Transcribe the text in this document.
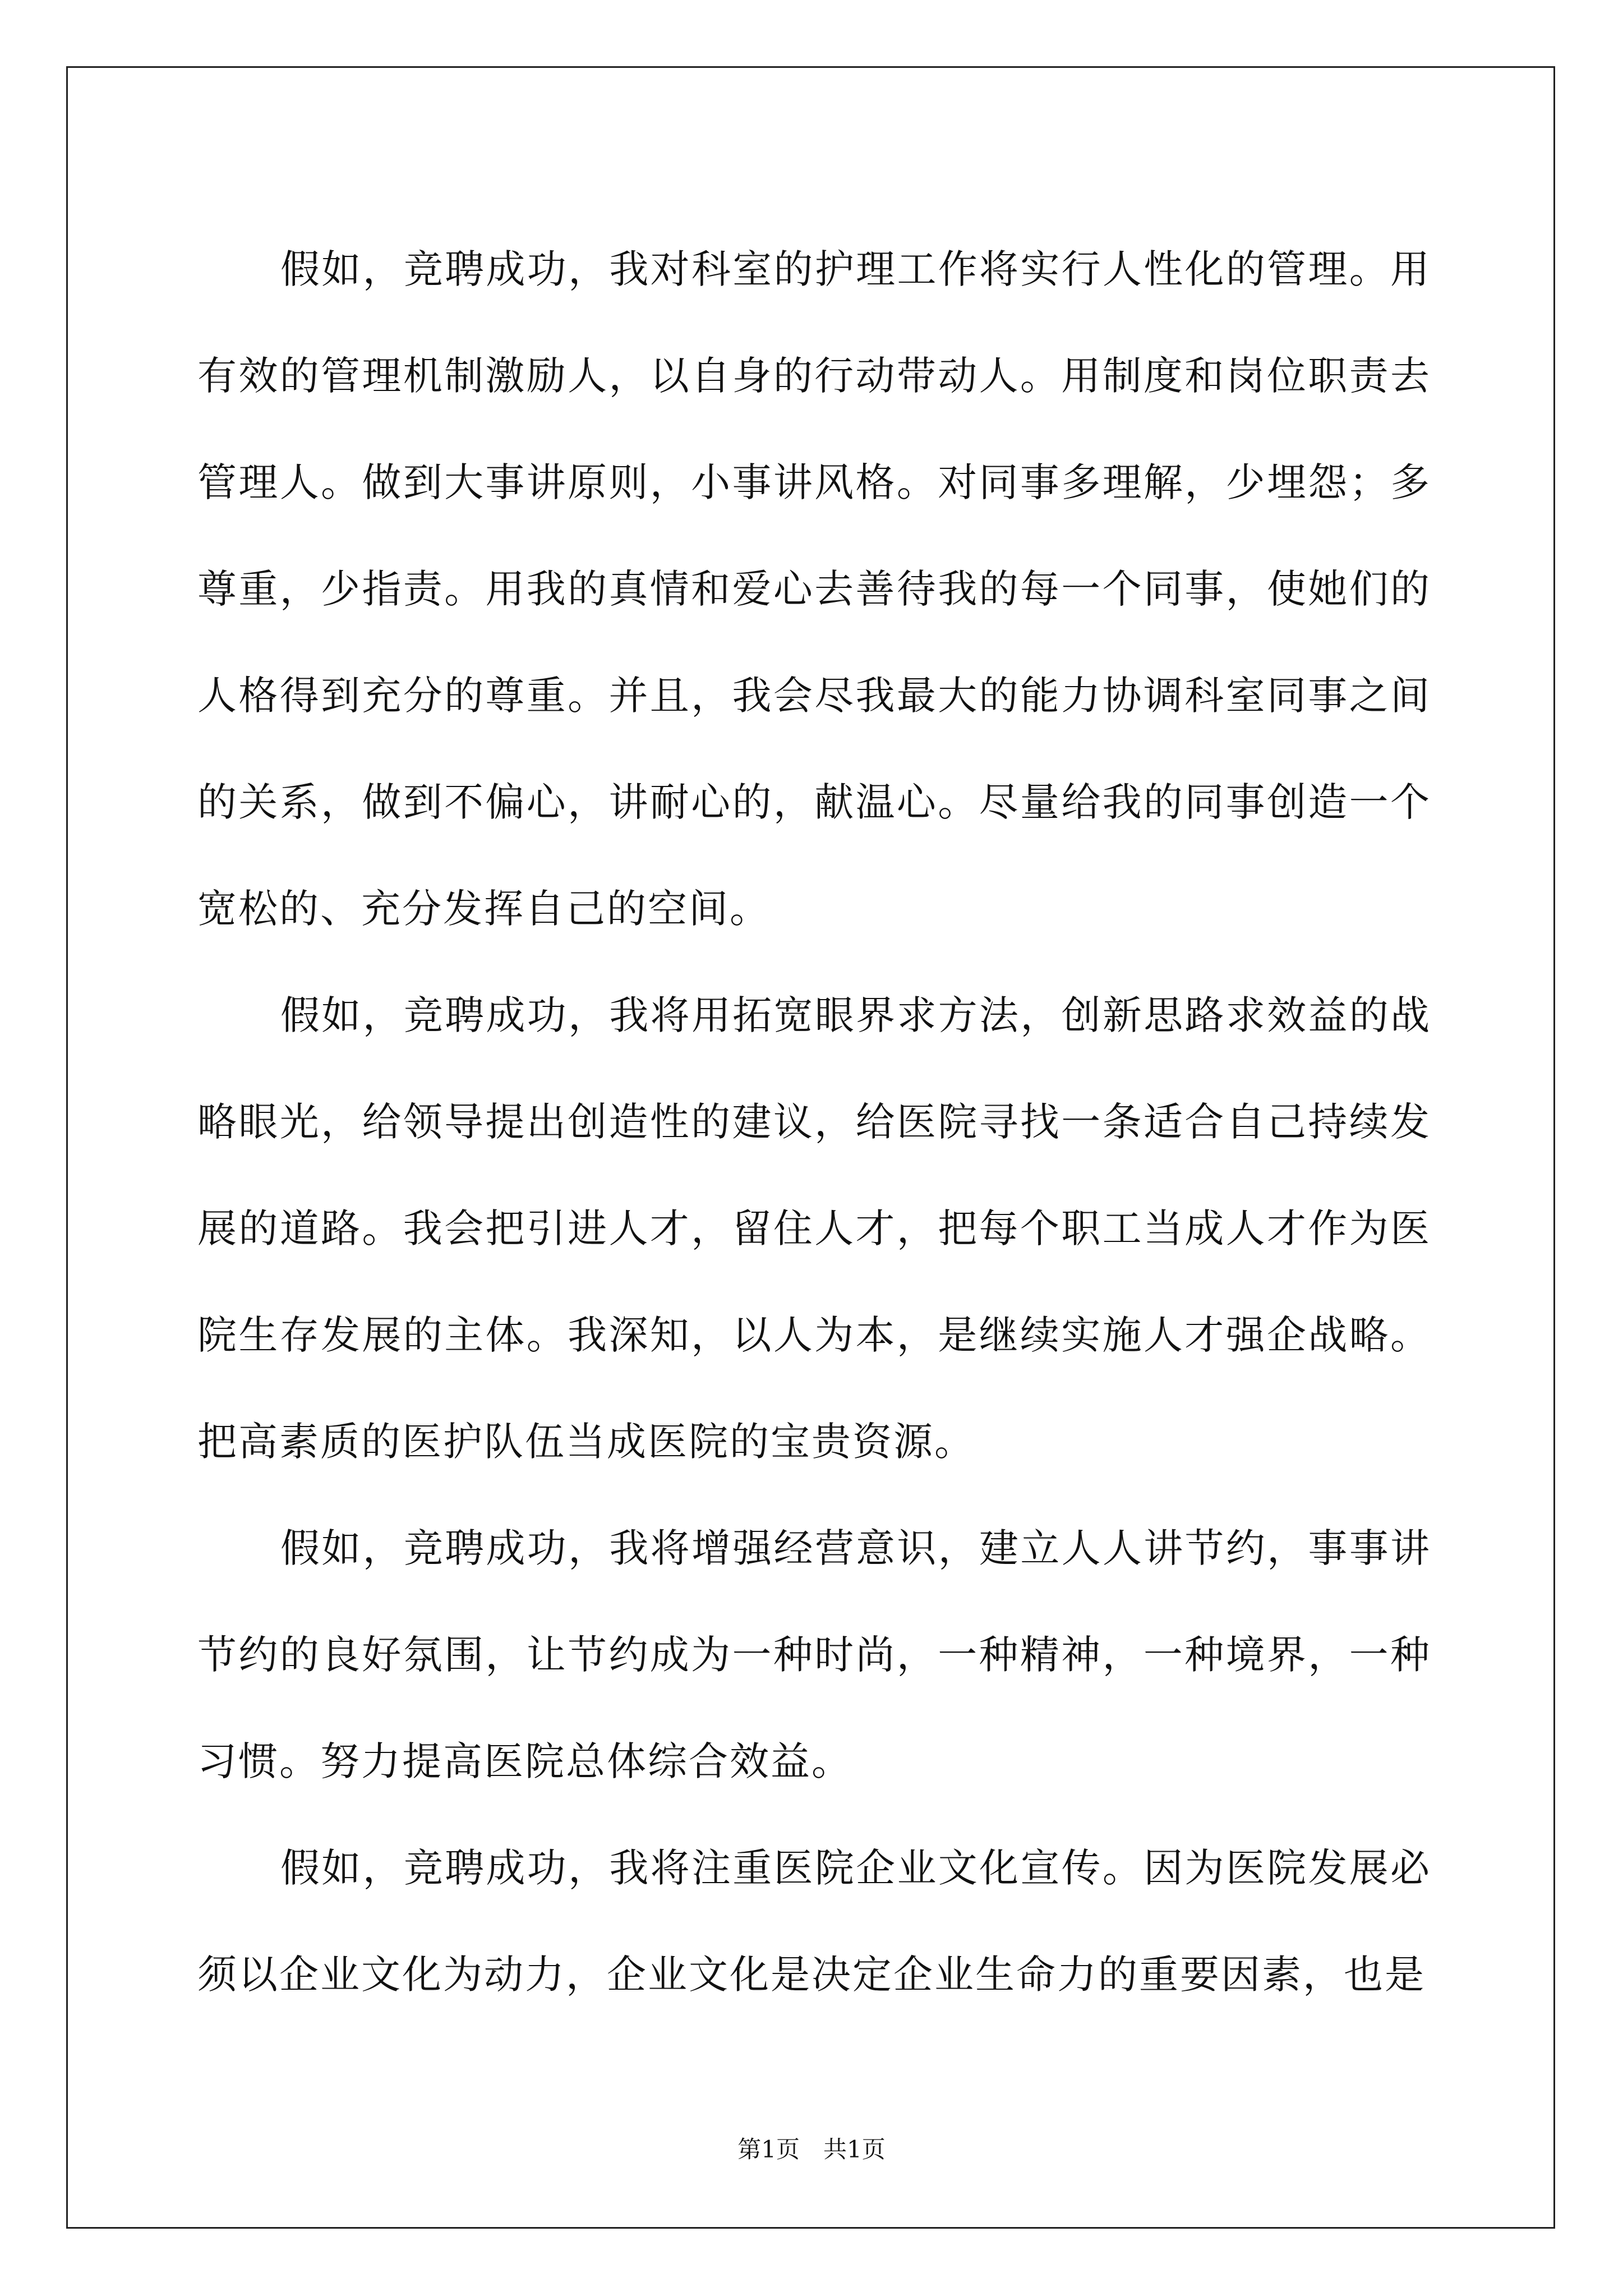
假如，竞聘成功，我对科室的护理工作将实行人性化的管理。用有效的管理机制激励人，以自身的行动带动人。用制度和岗位职责去管理人。做到大事讲原则，小事讲风格。对同事多理解，少埋怨；多尊重，少指责。用我的真情和爱心去善待我的每一个同事，使她们的人格得到充分的尊重。并且，我会尽我最大的能力协调科室同事之间的关系，做到不偏心，讲耐心的，献温心。尽量给我的同事创造一个宽松的、充分发挥自己的空间。

假如，竞聘成功，我将用拓宽眼界求方法，创新思路求效益的战略眼光，给领导提出创造性的建议，给医院寻找一条适合自己持续发展的道路。我会把引进人才，留住人才，把每个职工当成人才作为医院生存发展的主体。我深知，以人为本，是继续实施人才强企战略。把高素质的医护队伍当成医院的宝贵资源。

假如，竞聘成功，我将增强经营意识，建立人人讲节约，事事讲节约的良好氛围，让节约成为一种时尚，一种精神，一种境界，一种习惯。努力提高医院总体综合效益。

假如，竞聘成功，我将注重医院企业文化宣传。因为医院发展必须以企业文化为动力，企业文化是决定企业生命力的重要因素，也是

第1页　共1页
